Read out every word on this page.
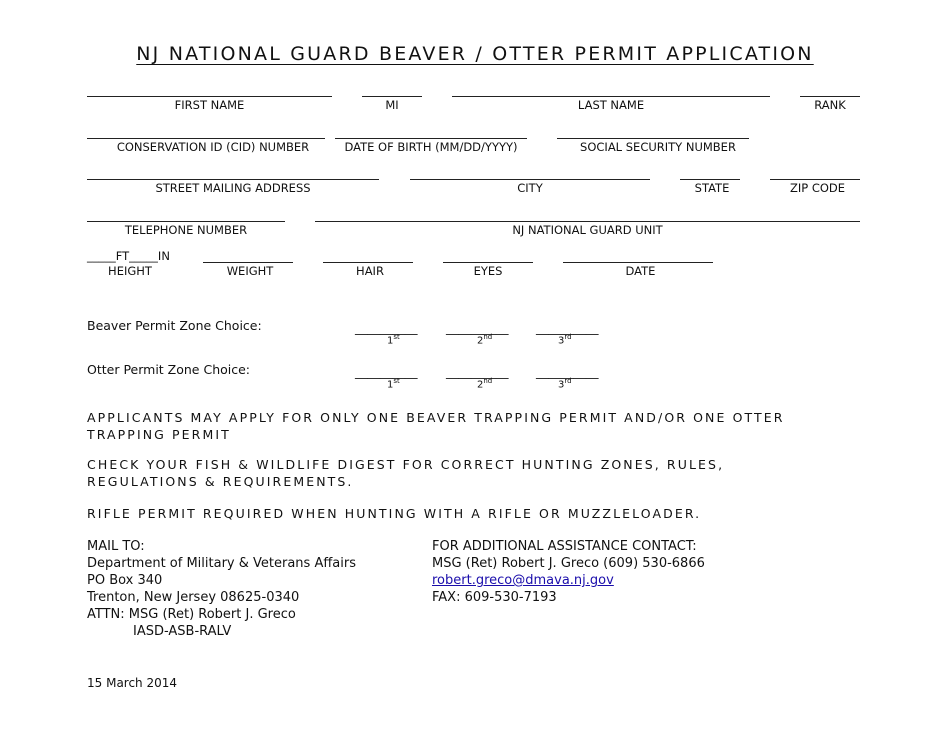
NJ NATIONAL GUARD BEAVER / OTTER PERMIT APPLICATION
FIRST NAME	MI	LAST NAME	RANK
CONSERVATION ID (CID) NUMBER	DATE OF BIRTH (MM/DD/YYYY)	SOCIAL SECURITY NUMBER
STREET MAILING ADDRESS	CITY	STATE	ZIP CODE
TELEPHONE NUMBER	NJ NATIONAL GUARD UNIT
_____FT_____IN
HEIGHT	WEIGHT	HAIR	EYES	DATE
Beaver Permit Zone Choice:	__________ __________ __________
1st	2nd	3rd
Otter Permit Zone Choice:	__________ __________ __________
1st	2nd	3rd
APPLICANTS MAY APPLY FOR ONLY ONE BEAVER TRAPPING PERMIT AND/OR ONE OTTER TRAPPING PERMIT
CHECK YOUR FISH & WILDLIFE DIGEST FOR CORRECT HUNTING ZONES, RULES, REGULATIONS & REQUIREMENTS.
RIFLE PERMIT REQUIRED WHEN HUNTING WITH A RIFLE OR MUZZLELOADER.
MAIL TO:
Department of Military & Veterans Affairs
PO Box 340
Trenton, New Jersey 08625-0340
ATTN: MSG (Ret) Robert J. Greco
IASD-ASB-RALV
FOR ADDITIONAL ASSISTANCE CONTACT:
MSG (Ret) Robert J. Greco (609) 530-6866
robert.greco@dmava.nj.gov
FAX: 609-530-7193
15 March 2014
